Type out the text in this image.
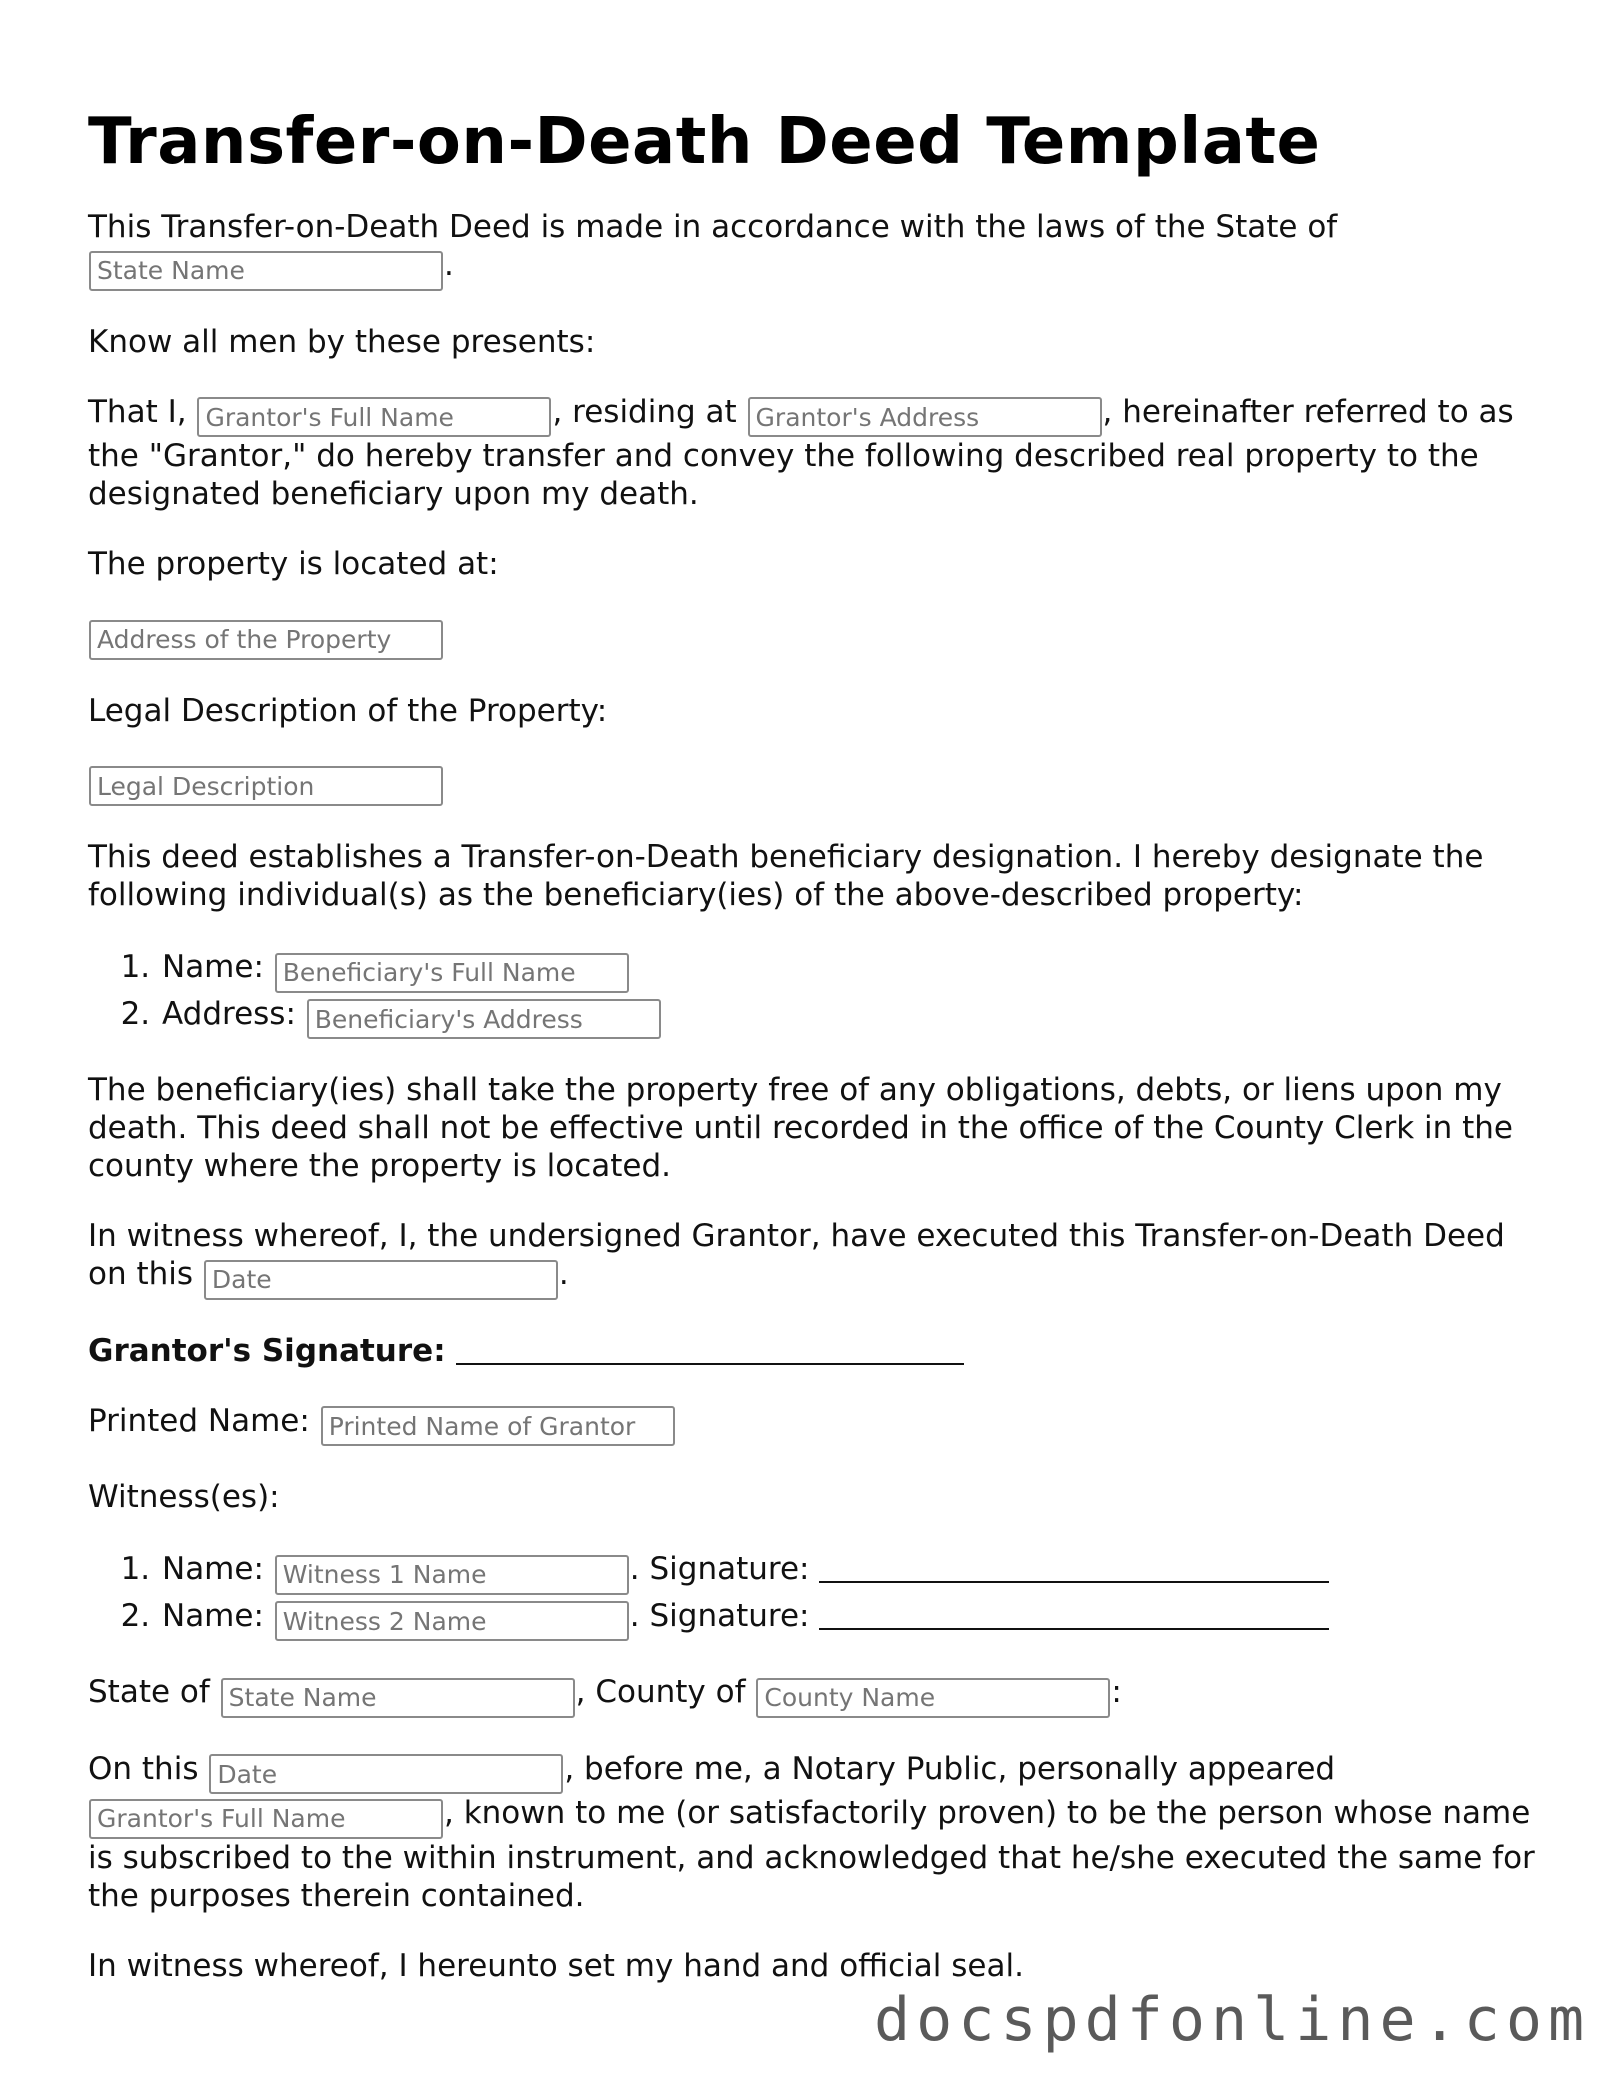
Transfer-on-Death Deed Template

This Transfer-on-Death Deed is made in accordance with the laws of the State of State Name.

Know all men by these presents:

That I, Grantor's Full Name	, residing at Grantor's Address	, hereinafter referred to as the "Grantor," do hereby transfer and convey the following described real property to the designated beneficiary upon my death.

The property is located at:

Address of the Property

Legal Description of the Property:

Legal Description

This deed establishes a Transfer-on-Death beneficiary designation. I hereby designate the following individual(s) as the beneficiary(ies) of the above-described property:

1. Name: Beneficiary's Full Name
2. Address: Beneficiary's Address

The beneficiary(ies) shall take the property free of any obligations, debts, or liens upon my death. This deed shall not be effective until recorded in the office of the County Clerk in the county where the property is located.

In witness whereof, I, the undersigned Grantor, have executed this Transfer-on-Death Deed on this Date	.

Grantor's Signature:

Printed Name: Printed Name of Grantor

Witness(es):

1. Name: Witness 1 Name	. Signature:
2. Name: Witness 2 Name	. Signature:

State of State Name	, County of County Name	:

On this Date	, before me, a Notary Public, personally appeared Grantor's Full Name, known to me (or satisfactorily proven) to be the person whose name is subscribed to the within instrument, and acknowledged that he/she executed the same for the purposes therein contained.

In witness whereof, I hereunto set my hand and official seal.

docspdfonline.com
